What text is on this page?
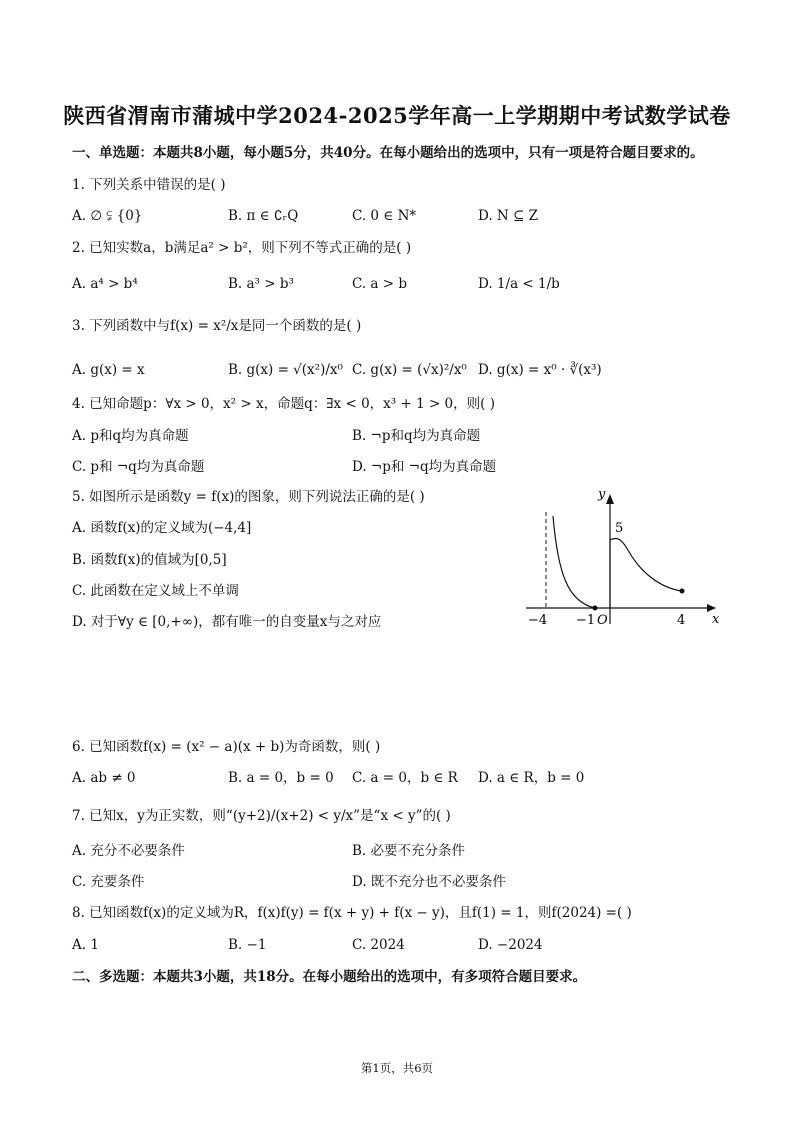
陕西省渭南市蒲城中学2024-2025学年高一上学期期中考试数学试卷
一、单选题：本题共8小题，每小题5分，共40分。在每小题给出的选项中，只有一项是符合题目要求的。
1. 下列关系中错误的是( )
A. ∅ ⫋ {0}	B. π ∈ ∁ᵣQ	C. 0 ∈ N*	D. N ⊆ Z
2. 已知实数a，b满足a² > b²，则下列不等式正确的是( )
A. a⁴ > b⁴	B. a³ > b³	C. a > b	D. 1/a < 1/b
3. 下列函数中与f(x) = x²/x是同一个函数的是( )
A. g(x) = x	B. g(x) = √(x²)/x⁰ C. g(x) = (√x)²/x⁰ D. g(x) = x⁰ · ∛(x³)
4. 已知命题p：∀x > 0，x² > x，命题q：∃x < 0，x³ + 1 > 0，则( )
A. p和q均为真命题	B. ¬p和q均为真命题
C. p和 ¬q均为真命题	D. ¬p和 ¬q均为真命题
5. 如图所示是函数y = f(x)的图象，则下列说法正确的是( )
A. 函数f(x)的定义域为(−4,4]
B. 函数f(x)的值域为[0,5]
C. 此函数在定义域上不单调
D. 对于∀y ∈ [0,+∞)，都有唯一的自变量x与之对应
y
x
5
−4 −1 O	4
6. 已知函数f(x) = (x² − a)(x + b)为奇函数，则( )
A. ab ≠ 0	B. a = 0，b = 0 C. a = 0，b ∈ R D. a ∈ R，b = 0
7. 已知x，y为正实数，则“(y+2)/(x+2) < y/x”是“x < y”的( )
A. 充分不必要条件	B. 必要不充分条件
C. 充要条件	D. 既不充分也不必要条件
8. 已知函数f(x)的定义域为R，f(x)f(y) = f(x + y) + f(x − y)，且f(1) = 1，则f(2024) =( )
A. 1	B. −1	C. 2024	D. −2024
二、多选题：本题共3小题，共18分。在每小题给出的选项中，有多项符合题目要求。
第1页，共6页
